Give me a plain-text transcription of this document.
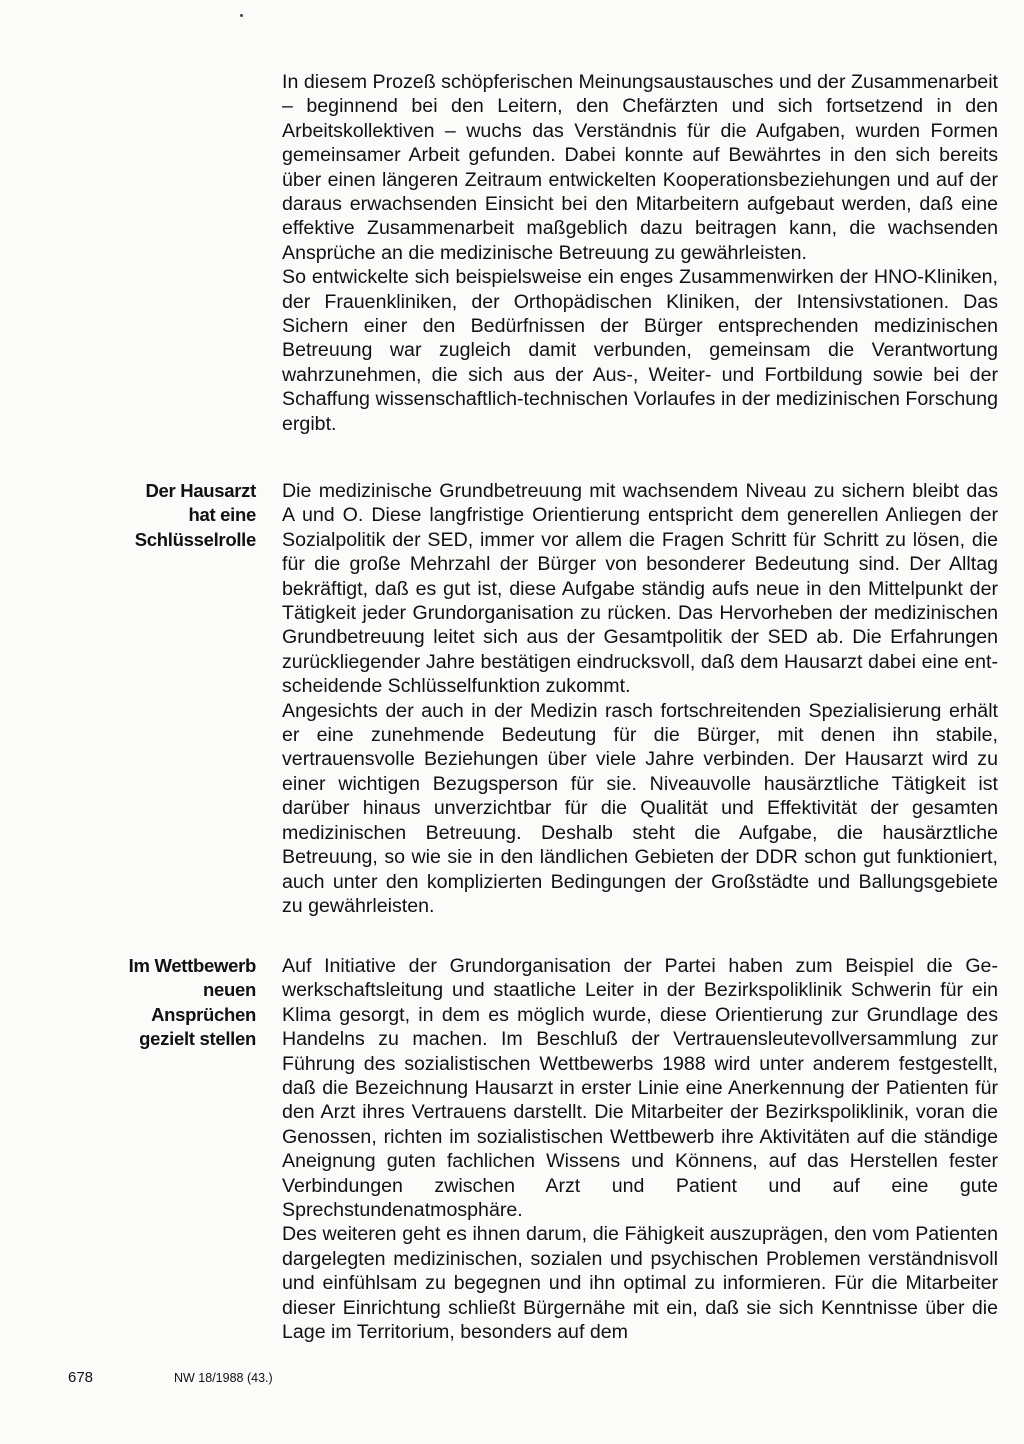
In diesem Prozeß schöpferischen Meinungsaustausches und der Zusammenarbeit – beginnend bei den Leitern, den Chefärzten und sich fortsetzend in den Arbeitskollektiven – wuchs das Verständnis für die Aufgaben, wurden Formen gemeinsamer Arbeit gefunden. Dabei konnte auf Bewährtes in den sich bereits über einen längeren Zeitraum entwickelten Kooperationsbeziehungen und auf der daraus erwachsenden Einsicht bei den Mitarbeitern aufgebaut werden, daß eine effektive Zusammenarbeit maßgeblich dazu beitragen kann, die wachsenden Ansprüche an die medizinische Betreuung zu gewährleisten.

So entwickelte sich beispielsweise ein enges Zusammenwirken der HNO-Kliniken, der Frauenkliniken, der Orthopädischen Kliniken, der Intensivstationen. Das Sichern einer den Bedürfnissen der Bürger entsprechenden medizinischen Betreuung war zugleich damit verbunden, gemeinsam die Verantwortung wahrzunehmen, die sich aus der Aus-, Weiter- und Fortbildung sowie bei der Schaffung wissenschaftlich-technischen Vorlaufes in der medizinischen Forschung ergibt.

Der Hausarzt
hat eine
Schlüsselrolle

Die medizinische Grundbetreuung mit wachsendem Niveau zu sichern bleibt das A und O. Diese langfristige Orientierung entspricht dem generellen Anliegen der Sozialpolitik der SED, immer vor allem die Fragen Schritt für Schritt zu lösen, die für die große Mehrzahl der Bürger von besonderer Bedeutung sind. Der Alltag bekräftigt, daß es gut ist, diese Aufgabe ständig aufs neue in den Mittelpunkt der Tätigkeit jeder Grundorganisation zu rücken. Das Hervorheben der medizinischen Grundbetreuung leitet sich aus der Gesamtpolitik der SED ab. Die Erfahrungen zurückliegender Jahre bestätigen eindrucksvoll, daß dem Hausarzt dabei eine entscheidende Schlüsselfunktion zukommt.

Angesichts der auch in der Medizin rasch fortschreitenden Spezialisierung erhält er eine zunehmende Bedeutung für die Bürger, mit denen ihn stabile, vertrauensvolle Beziehungen über viele Jahre verbinden. Der Hausarzt wird zu einer wichtigen Bezugsperson für sie. Niveauvolle hausärztliche Tätigkeit ist darüber hinaus unverzichtbar für die Qualität und Effektivität der gesamten medizinischen Betreuung. Deshalb steht die Aufgabe, die hausärztliche Betreuung, so wie sie in den ländlichen Gebieten der DDR schon gut funktioniert, auch unter den komplizierten Bedingungen der Großstädte und Ballungsgebiete zu gewährleisten.

Im Wettbewerb
neuen Ansprüchen
gezielt stellen

Auf Initiative der Grundorganisation der Partei haben zum Beispiel die Gewerkschaftsleitung und staatliche Leiter in der Bezirkspoliklinik Schwerin für ein Klima gesorgt, in dem es möglich wurde, diese Orientierung zur Grundlage des Handelns zu machen. Im Beschluß der Vertrauensleutevollversammlung zur Führung des sozialistischen Wettbewerbs 1988 wird unter anderem festgestellt, daß die Bezeichnung Hausarzt in erster Linie eine Anerkennung der Patienten für den Arzt ihres Vertrauens darstellt. Die Mitarbeiter der Bezirkspoliklinik, voran die Genossen, richten im sozialistischen Wettbewerb ihre Aktivitäten auf die ständige Aneignung guten fachlichen Wissens und Könnens, auf das Herstellen fester Verbindungen zwischen Arzt und Patient und auf eine gute Sprechstundenatmosphäre.

Des weiteren geht es ihnen darum, die Fähigkeit auszuprägen, den vom Patienten dargelegten medizinischen, sozialen und psychischen Problemen verständnisvoll und einfühlsam zu begegnen und ihn optimal zu informieren. Für die Mitarbeiter dieser Einrichtung schließt Bürgernähe mit ein, daß sie sich Kenntnisse über die Lage im Territorium, besonders auf dem

678	NW 18/1988 (43.)
